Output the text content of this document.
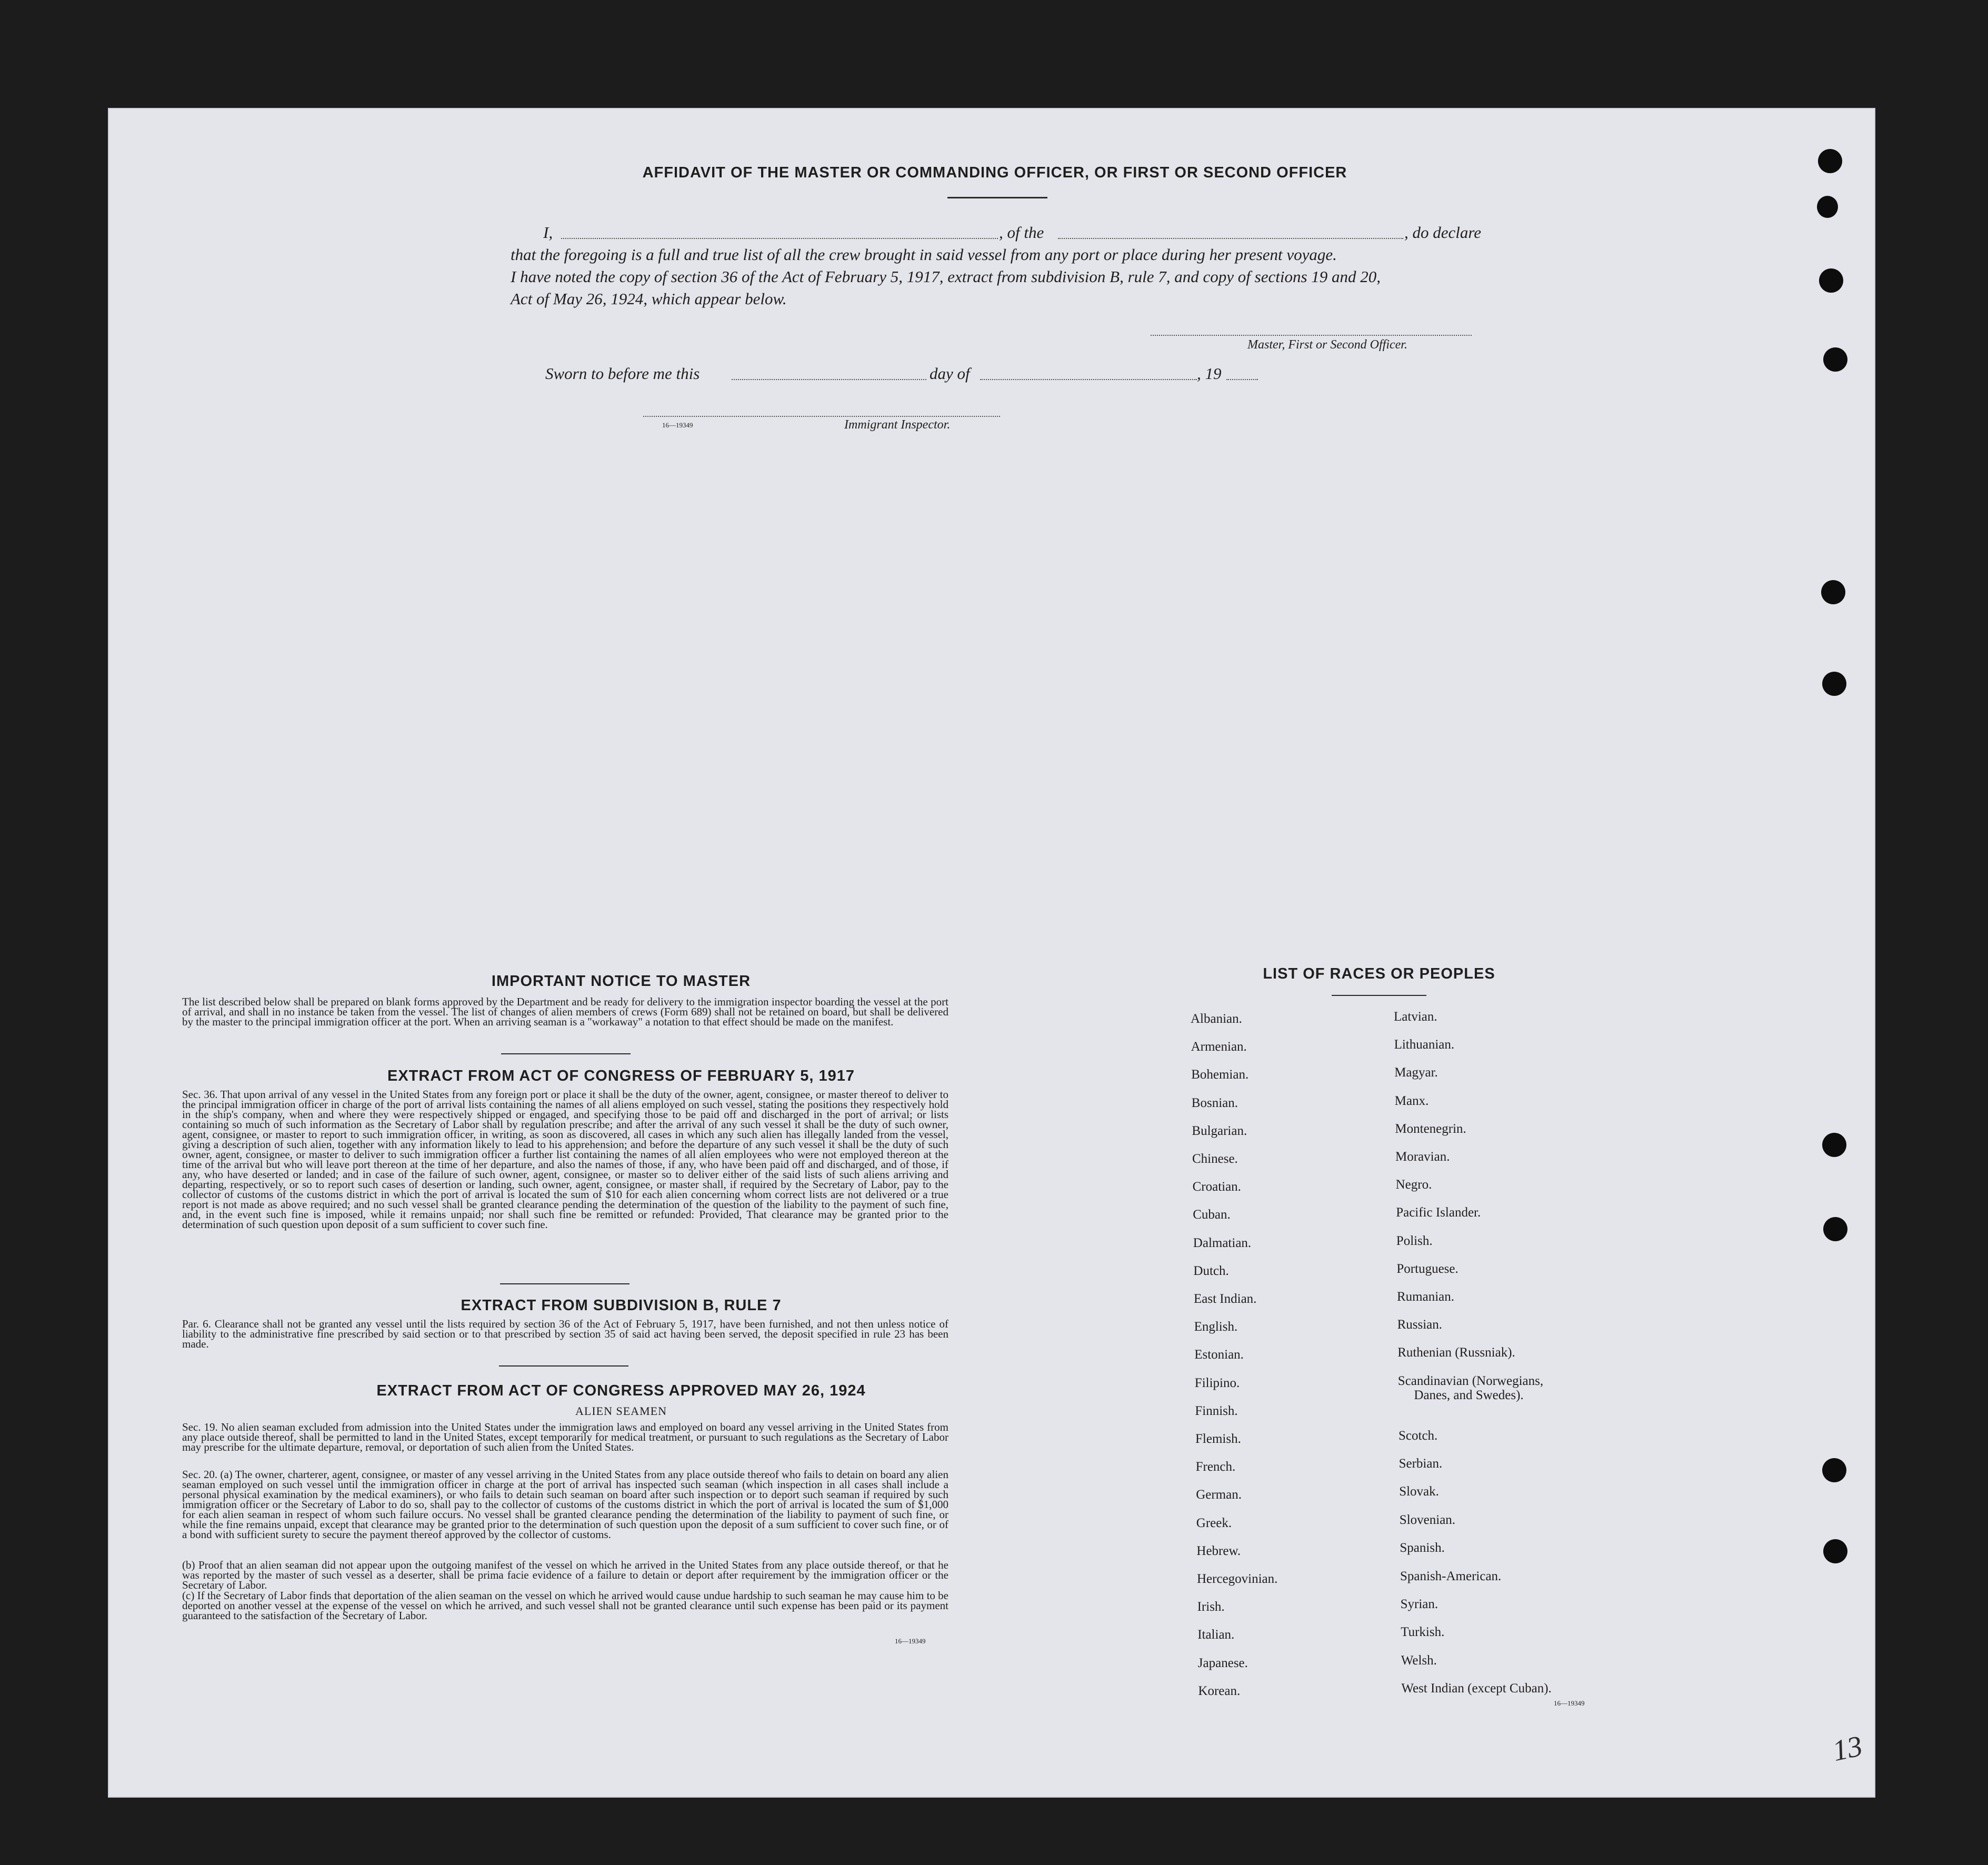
AFFIDAVIT OF THE MASTER OR COMMANDING OFFICER, OR FIRST OR SECOND OFFICER
I,	, of the	, do declare
that the foregoing is a full and true list of all the crew brought in said vessel from any port or place during her present voyage.
I have noted the copy of section 36 of the Act of February 5, 1917, extract from subdivision B, rule 7, and copy of sections 19 and 20,
Act of May 26, 1924, which appear below.
Master, First or Second Officer.
Sworn to before me this	day of	, 19
16—19349	Immigrant Inspector.
IMPORTANT NOTICE TO MASTER
The list described below shall be prepared on blank forms approved by the Department and be ready for delivery to the immigration inspector boarding the vessel at the port of arrival, and shall in no instance be taken from the vessel. The list of changes of alien members of crews (Form 689) shall not be retained on board, but shall be delivered by the master to the principal immigration officer at the port. When an arriving seaman is a "workaway" a notation to that effect should be made on the manifest.
EXTRACT FROM ACT OF CONGRESS OF FEBRUARY 5, 1917
Sec. 36. That upon arrival of any vessel in the United States from any foreign port or place it shall be the duty of the owner, agent, consignee, or master thereof to deliver to the principal immigration officer in charge of the port of arrival lists containing the names of all aliens employed on such vessel, stating the positions they respectively hold in the ship's company, when and where they were respectively shipped or engaged, and specifying those to be paid off and discharged in the port of arrival; or lists containing so much of such information as the Secretary of Labor shall by regulation prescribe; and after the arrival of any such vessel it shall be the duty of such owner, agent, consignee, or master to report to such immigration officer, in writing, as soon as discovered, all cases in which any such alien has illegally landed from the vessel, giving a description of such alien, together with any information likely to lead to his apprehension; and before the departure of any such vessel it shall be the duty of such owner, agent, consignee, or master to deliver to such immigration officer a further list containing the names of all alien employees who were not employed thereon at the time of the arrival but who will leave port thereon at the time of her departure, and also the names of those, if any, who have been paid off and discharged, and of those, if any, who have deserted or landed; and in case of the failure of such owner, agent, consignee, or master so to deliver either of the said lists of such aliens arriving and departing, respectively, or so to report such cases of desertion or landing, such owner, agent, consignee, or master shall, if required by the Secretary of Labor, pay to the collector of customs of the customs district in which the port of arrival is located the sum of $10 for each alien concerning whom correct lists are not delivered or a true report is not made as above required; and no such vessel shall be granted clearance pending the determination of the question of the liability to the payment of such fine, and, in the event such fine is imposed, while it remains unpaid; nor shall such fine be remitted or refunded: Provided, That clearance may be granted prior to the determination of such question upon deposit of a sum sufficient to cover such fine.
EXTRACT FROM SUBDIVISION B, RULE 7
Par. 6. Clearance shall not be granted any vessel until the lists required by section 36 of the Act of February 5, 1917, have been furnished, and not then unless notice of liability to the administrative fine prescribed by said section or to that prescribed by section 35 of said act having been served, the deposit specified in rule 23 has been made.
EXTRACT FROM ACT OF CONGRESS APPROVED MAY 26, 1924
ALIEN SEAMEN
Sec. 19. No alien seaman excluded from admission into the United States under the immigration laws and employed on board any vessel arriving in the United States from any place outside thereof, shall be permitted to land in the United States, except temporarily for medical treatment, or pursuant to such regulations as the Secretary of Labor may prescribe for the ultimate departure, removal, or deportation of such alien from the United States.
Sec. 20. (a) The owner, charterer, agent, consignee, or master of any vessel arriving in the United States from any place outside thereof who fails to detain on board any alien seaman employed on such vessel until the immigration officer in charge at the port of arrival has inspected such seaman (which inspection in all cases shall include a personal physical examination by the medical examiners), or who fails to detain such seaman on board after such inspection or to deport such seaman if required by such immigration officer or the Secretary of Labor to do so, shall pay to the collector of customs of the customs district in which the port of arrival is located the sum of $1,000 for each alien seaman in respect of whom such failure occurs. No vessel shall be granted clearance pending the determination of the liability to payment of such fine, or while the fine remains unpaid, except that clearance may be granted prior to the determination of such question upon the deposit of a sum sufficient to cover such fine, or of a bond with sufficient surety to secure the payment thereof approved by the collector of customs.
(b) Proof that an alien seaman did not appear upon the outgoing manifest of the vessel on which he arrived in the United States from any place outside thereof, or that he was reported by the master of such vessel as a deserter, shall be prima facie evidence of a failure to detain or deport after requirement by the immigration officer or the Secretary of Labor.
(c) If the Secretary of Labor finds that deportation of the alien seaman on the vessel on which he arrived would cause undue hardship to such seaman he may cause him to be deported on another vessel at the expense of the vessel on which he arrived, and such vessel shall not be granted clearance until such expense has been paid or its payment guaranteed to the satisfaction of the Secretary of Labor.
16—19349
LIST OF RACES OR PEOPLES
Albanian.
Armenian.
Bohemian.
Bosnian.
Bulgarian.
Chinese.
Croatian.
Cuban.
Dalmatian.
Dutch.
East Indian.
English.
Estonian.
Filipino.
Finnish.
Flemish.
French.
German.
Greek.
Hebrew.
Hercegovinian.
Irish.
Italian.
Japanese.
Korean.
Latvian.
Lithuanian.
Magyar.
Manx.
Montenegrin.
Moravian.
Negro.
Pacific Islander.
Polish.
Portuguese.
Rumanian.
Russian.
Ruthenian (Russniak).
Scandinavian (Norwegians,
Danes, and Swedes).
Scotch.
Serbian.
Slovak.
Slovenian.
Spanish.
Spanish-American.
Syrian.
Turkish.
Welsh.
West Indian (except Cuban).
16—19349
13
